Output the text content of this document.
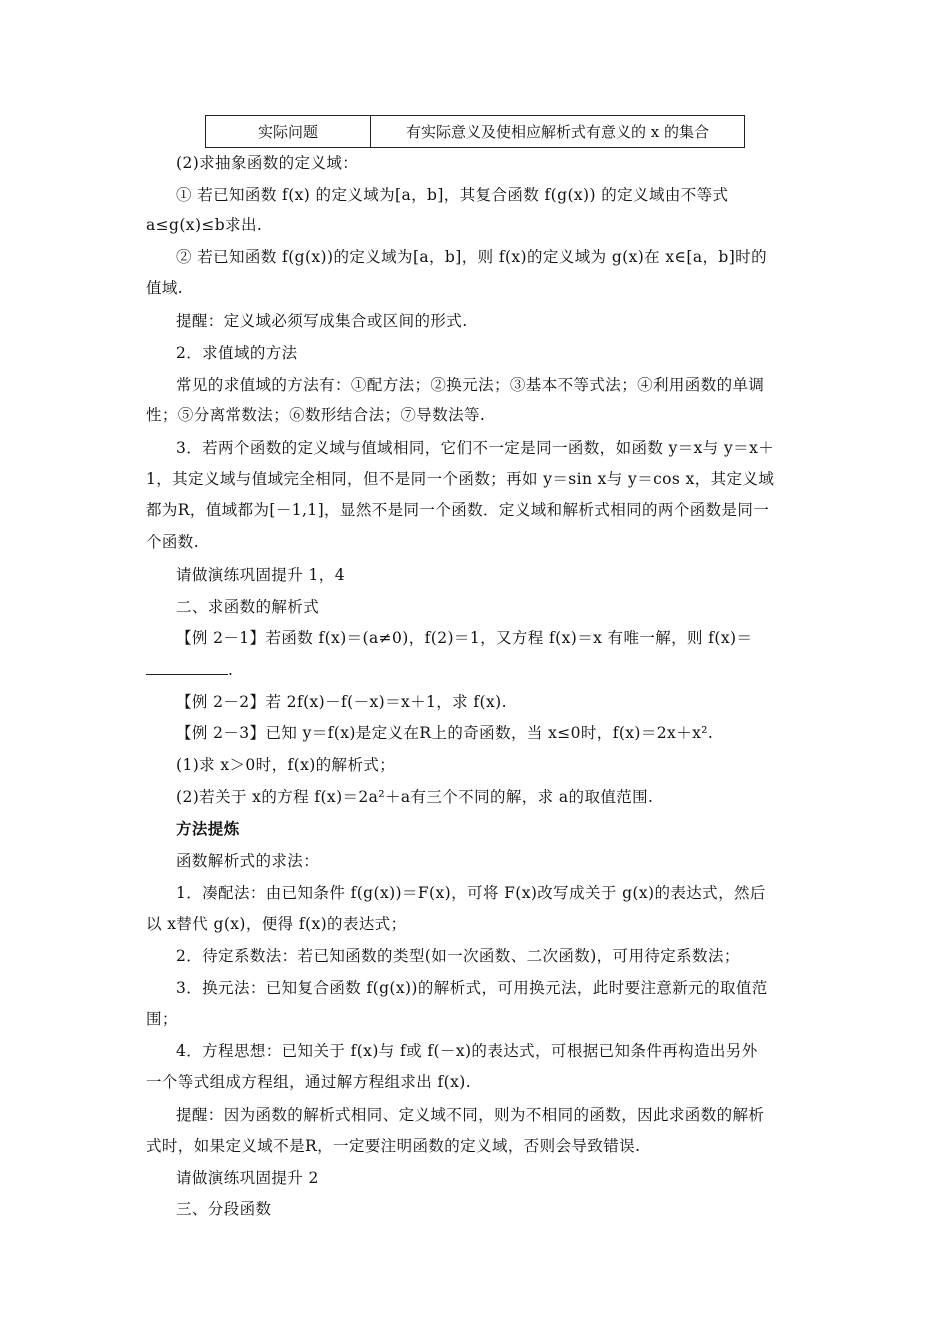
实际问题	有实际意义及使相应解析式有意义的 x 的集合
(2)求抽象函数的定义域：
① 若已知函数 f(x) 的定义域为[a，b]，其复合函数 f(g(x)) 的定义域由不等式
a≤g(x)≤b求出.
② 若已知函数 f(g(x))的定义域为[a，b]，则 f(x)的定义域为 g(x)在 x∈[a，b]时的
值域.
提醒：定义域必须写成集合或区间的形式.
2．求值域的方法
常见的求值域的方法有：①配方法；②换元法；③基本不等式法；④利用函数的单调
性；⑤分离常数法；⑥数形结合法；⑦导数法等.
3．若两个函数的定义域与值域相同，它们不一定是同一函数，如函数 y＝x与 y＝x＋
1，其定义域与值域完全相同，但不是同一个函数；再如 y＝sin x与 y＝cos x，其定义域
都为R，值域都为[－1,1]，显然不是同一个函数．定义域和解析式相同的两个函数是同一
个函数.
请做演练巩固提升 1，4
二、求函数的解析式
【例 2－1】若函数 f(x)＝(a≠0)，f(2)＝1，又方程 f(x)＝x 有唯一解，则 f(x)＝
.
【例 2－2】若 2f(x)－f(－x)＝x＋1，求 f(x).
【例 2－3】已知 y＝f(x)是定义在R上的奇函数，当 x≤0时，f(x)＝2x＋x².
(1)求 x＞0时，f(x)的解析式；
(2)若关于 x的方程 f(x)＝2a²＋a有三个不同的解，求 a的取值范围.
方法提炼
函数解析式的求法：
1．凑配法：由已知条件 f(g(x))＝F(x)，可将 F(x)改写成关于 g(x)的表达式，然后
以 x替代 g(x)，便得 f(x)的表达式；
2．待定系数法：若已知函数的类型(如一次函数、二次函数)，可用待定系数法；
3．换元法：已知复合函数 f(g(x))的解析式，可用换元法，此时要注意新元的取值范
围；
4．方程思想：已知关于 f(x)与 f或 f(－x)的表达式，可根据已知条件再构造出另外
一个等式组成方程组，通过解方程组求出 f(x).
提醒：因为函数的解析式相同、定义域不同，则为不相同的函数，因此求函数的解析
式时，如果定义域不是R，一定要注明函数的定义域，否则会导致错误.
请做演练巩固提升 2
三、分段函数
